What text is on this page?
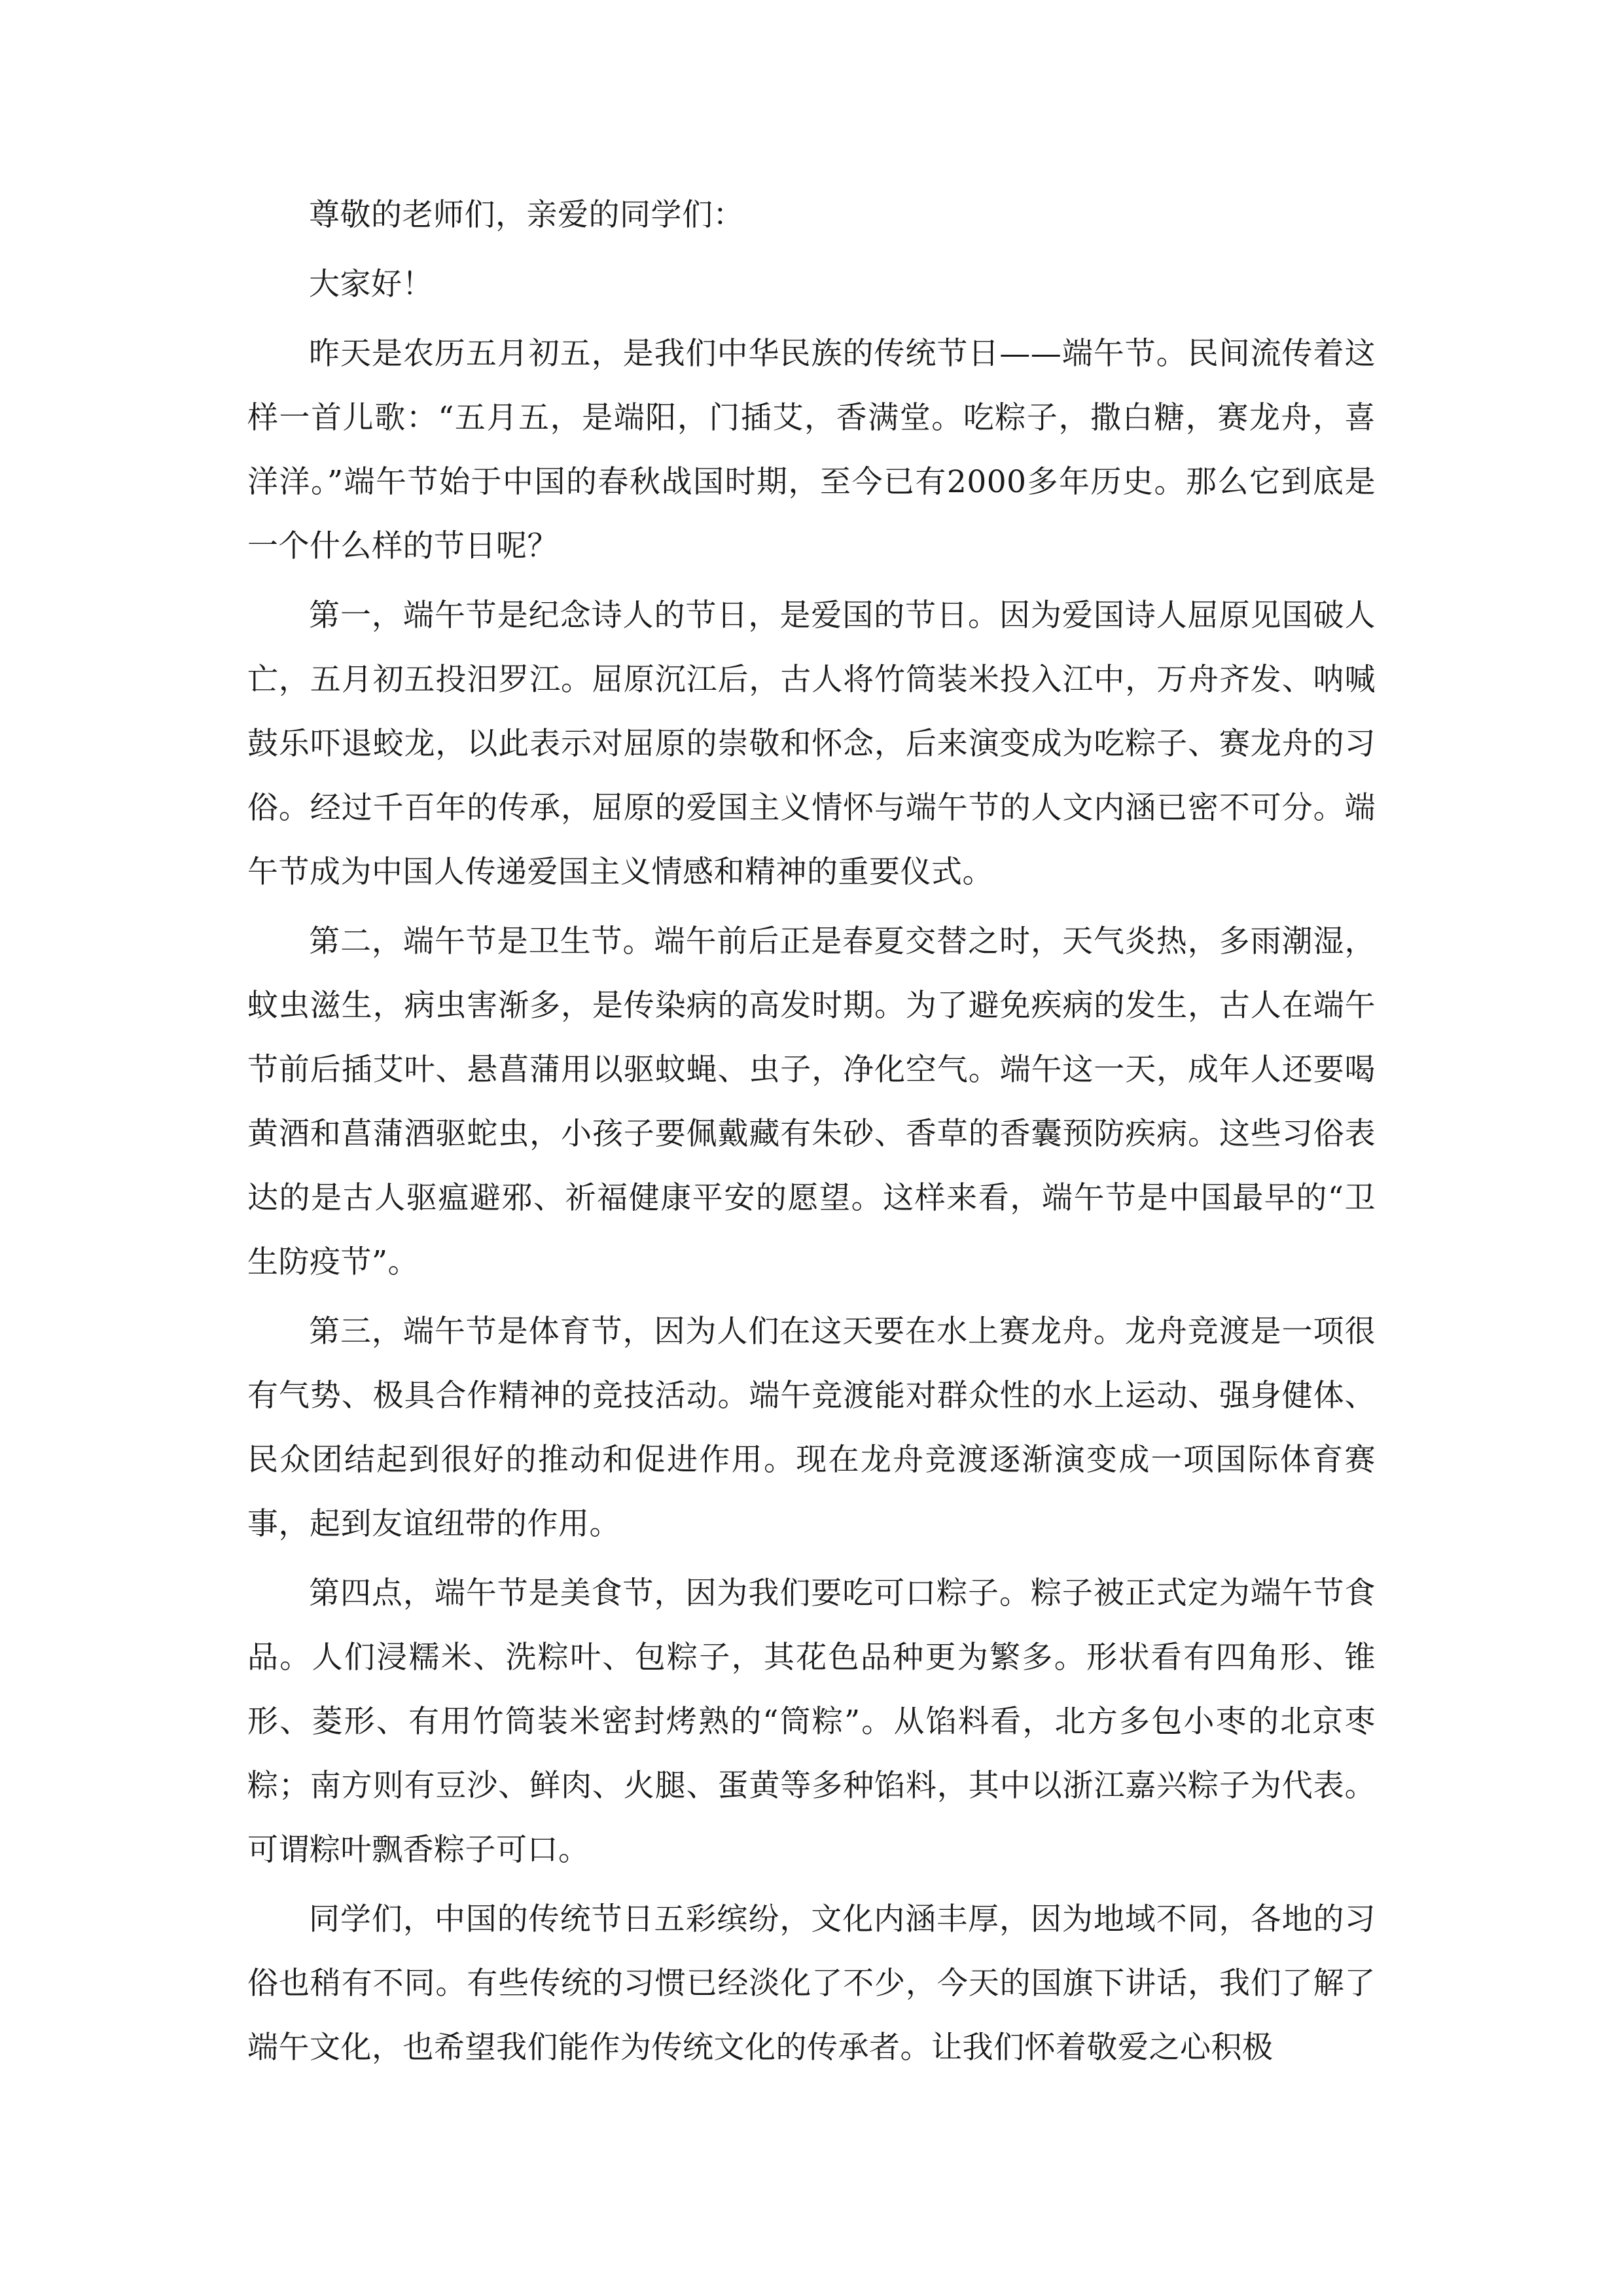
尊敬的老师们，亲爱的同学们：

大家好！

昨天是农历五月初五，是我们中华民族的传统节日——端午节。民间流传着这样一首儿歌：“五月五，是端阳，门插艾，香满堂。吃粽子，撒白糖，赛龙舟，喜洋洋。”端午节始于中国的春秋战国时期，至今已有2000多年历史。那么它到底是一个什么样的节日呢？

第一，端午节是纪念诗人的节日，是爱国的节日。因为爱国诗人屈原见国破人亡，五月初五投汨罗江。屈原沉江后，古人将竹筒装米投入江中，万舟齐发、呐喊鼓乐吓退蛟龙，以此表示对屈原的崇敬和怀念，后来演变成为吃粽子、赛龙舟的习俗。经过千百年的传承，屈原的爱国主义情怀与端午节的人文内涵已密不可分。端午节成为中国人传递爱国主义情感和精神的重要仪式。

第二，端午节是卫生节。端午前后正是春夏交替之时，天气炎热，多雨潮湿，蚊虫滋生，病虫害渐多，是传染病的高发时期。为了避免疾病的发生，古人在端午节前后插艾叶、悬菖蒲用以驱蚊蝇、虫子，净化空气。端午这一天，成年人还要喝黄酒和菖蒲酒驱蛇虫，小孩子要佩戴藏有朱砂、香草的香囊预防疾病。这些习俗表达的是古人驱瘟避邪、祈福健康平安的愿望。这样来看，端午节是中国最早的“卫生防疫节”。

第三，端午节是体育节，因为人们在这天要在水上赛龙舟。龙舟竞渡是一项很有气势、极具合作精神的竞技活动。端午竞渡能对群众性的水上运动、强身健体、民众团结起到很好的推动和促进作用。现在龙舟竞渡逐渐演变成一项国际体育赛事，起到友谊纽带的作用。

第四点，端午节是美食节，因为我们要吃可口粽子。粽子被正式定为端午节食品。人们浸糯米、洗粽叶、包粽子，其花色品种更为繁多。形状看有四角形、锥形、菱形、有用竹筒装米密封烤熟的“筒粽”。从馅料看，北方多包小枣的北京枣粽；南方则有豆沙、鲜肉、火腿、蛋黄等多种馅料，其中以浙江嘉兴粽子为代表。可谓粽叶飘香粽子可口。

同学们，中国的传统节日五彩缤纷，文化内涵丰厚，因为地域不同，各地的习俗也稍有不同。有些传统的习惯已经淡化了不少，今天的国旗下讲话，我们了解了端午文化，也希望我们能作为传统文化的传承者。让我们怀着敬爱之心积极
